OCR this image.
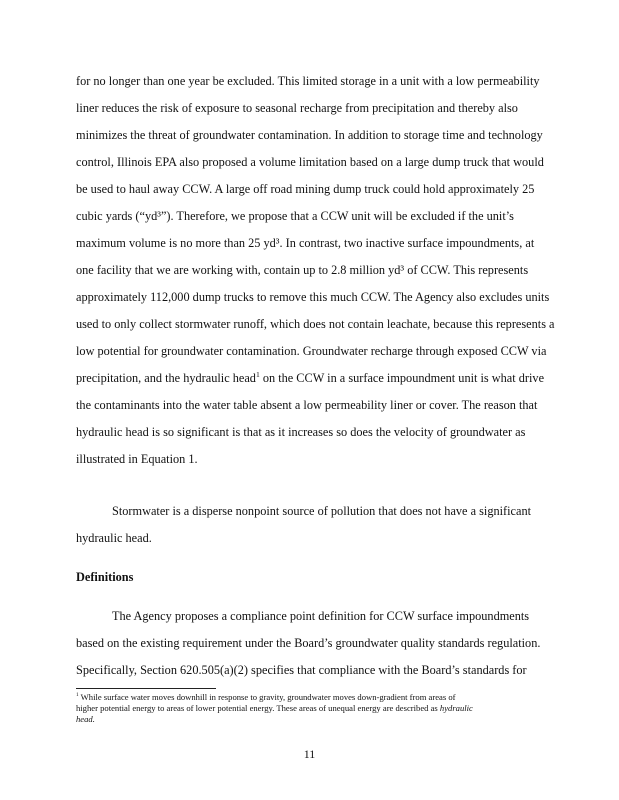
for no longer than one year be excluded. This limited storage in a unit with a low permeability
liner reduces the risk of exposure to seasonal recharge from precipitation and thereby also
minimizes the threat of groundwater contamination. In addition to storage time and technology
control, Illinois EPA also proposed a volume limitation based on a large dump truck that would
be used to haul away CCW. A large off road mining dump truck could hold approximately 25
cubic yards (“yd³”). Therefore, we propose that a CCW unit will be excluded if the unit’s
maximum volume is no more than 25 yd³. In contrast, two inactive surface impoundments, at
one facility that we are working with, contain up to 2.8 million yd³ of CCW. This represents
approximately 112,000 dump trucks to remove this much CCW. The Agency also excludes units
used to only collect stormwater runoff, which does not contain leachate, because this represents a
low potential for groundwater contamination. Groundwater recharge through exposed CCW via
precipitation, and the hydraulic head$^1$ on the CCW in a surface impoundment unit is what drive
the contaminants into the water table absent a low permeability liner or cover. The reason that
hydraulic head is so significant is that as it increases so does the velocity of groundwater as
illustrated in Equation 1.
Stormwater is a disperse nonpoint source of pollution that does not have a significant
hydraulic head.
Definitions
The Agency proposes a compliance point definition for CCW surface impoundments
based on the existing requirement under the Board’s groundwater quality standards regulation.
Specifically, Section 620.505(a)(2) specifies that compliance with the Board’s standards for
$^1$ While surface water moves downhill in response to gravity, groundwater moves down-gradient from areas of
higher potential energy to areas of lower potential energy. These areas of unequal energy are described as hydraulic
head.
11
